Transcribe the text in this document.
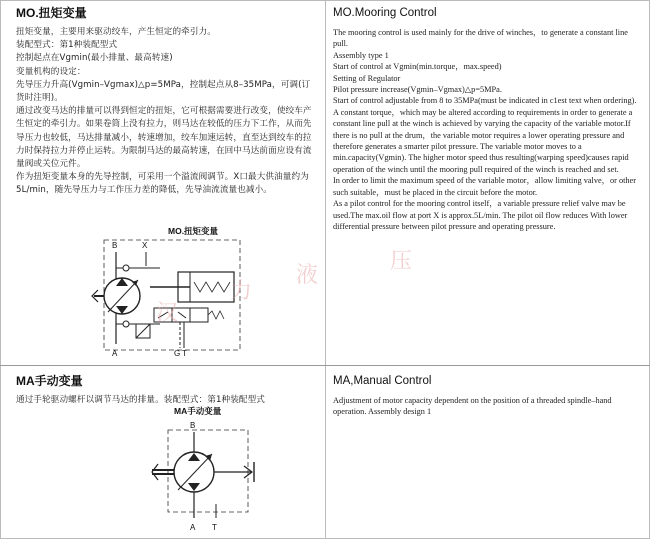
MO.扭矩变量

扭矩变量，主要用来驱动绞车，产生恒定的牵引力。

装配型式：第1种装配型式

控制起点在Vgmin(最小排量、最高转速)

变量机构的设定：

先导压力升高(Vgmin–Vgmax)△p=5MPa，控制起点从8–35MPa，可调(订货时注明)。

通过改变马达的排量可以得到恒定的扭矩，它可根据需要进行改变，使绞车产生恒定的牵引力。如果卷筒上没有拉力，则马达在较低的压力下工作，从而先导压力也较低，马达排量减小，转速增加，绞车加速运转，直至达到绞车的拉力时保持拉力并停止运转。为限制马达的最高转速，在回中马达前面应设有流量阀或关位元件。

作为扭矩变量本身的先导控制，可采用一个溢流阀调节。X口最大供油量约为5L/min，随先导压力与工作压力差的降低，先导油流流量也减小。

MO.扭矩变量
B	X
A	G T
MO.Mooring Control

The mooring control is used mainly for the drive of winches，to generate a constant line pull.

Assembly type 1

Start of control at Vgmin(min.torque，max.speed)

Setting of Regulator

Pilot pressure increase(Vgmin–Vgmax)△p=5MPa.

Start of control adjustable from 8 to 35MPa(must be indicated in c1est text when ordering).

A constant torque，which may be altered according to requirements in order to generate a constant line pull at the winch is achieved by varying the capacity of the variable motor.If there is no pull at the drum，the variable motor requires a lower operating pressure and therefore generates a smarter pilot pressure. The variable motor moves to a min.capacity(Vgmin). The higher motor speed thus resulting(warping speed)causes rapid operation of the winch until the mooring pull required of the winch is reached and set.

In order to limit the maximum speed of the variable motor，allow limiting valve，or other such suitable，must be placed in the circuit before the motor.

As a pilot control for the mooring control itself，a variable pressure relief valve mav be used.The max.oil flow at port X is approx.5L/min. The pilot oil flow reduces With lower differential pressure between pilot pressure and operating pressure.

MA手动变量

通过手轮驱动螺杆以调节马达的排量。装配型式：第1种装配型式

MA手动变量
B
A T
MA,Manual Control

Adjustment of motor capacity dependent on the position of a threaded spindle–hand operation. Assembly design 1

汉
力
液
压
